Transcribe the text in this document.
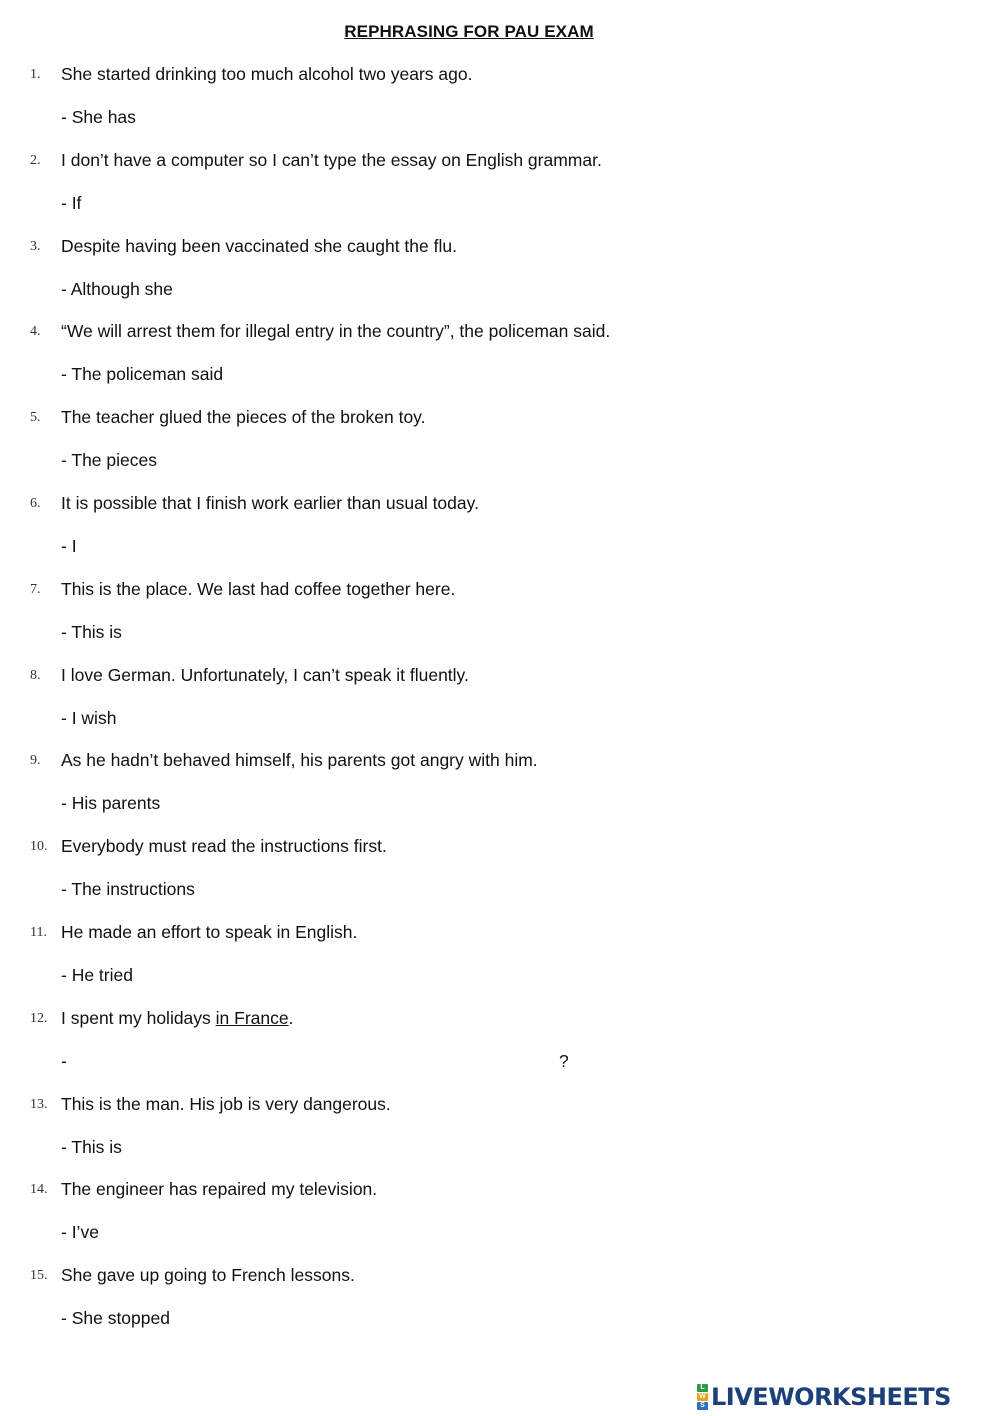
REPHRASING FOR PAU EXAM
1. She started drinking too much alcohol two years ago.
- She has
2. I don’t have a computer so I can’t type the essay on English grammar.
- If
3. Despite having been vaccinated she caught the flu.
- Although she
4. “We will arrest them for illegal entry in the country”, the policeman said.
- The policeman said
5. The teacher glued the pieces of the broken toy.
- The pieces
6. It is possible that I finish work earlier than usual today.
- I
7. This is the place. We last had coffee together here.
- This is
8. I love German. Unfortunately, I can’t speak it fluently.
- I wish
9. As he hadn’t behaved himself, his parents got angry with him.
- His parents
10. Everybody must read the instructions first.
- The instructions
11. He made an effort to speak in English.
- He tried
12. I spent my holidays in France.
-	?
13. This is the man. His job is very dangerous.
- This is
14. The engineer has repaired my television.
- I’ve
15. She gave up going to French lessons.
- She stopped
L
W
S LIVEWORKSHEETS
